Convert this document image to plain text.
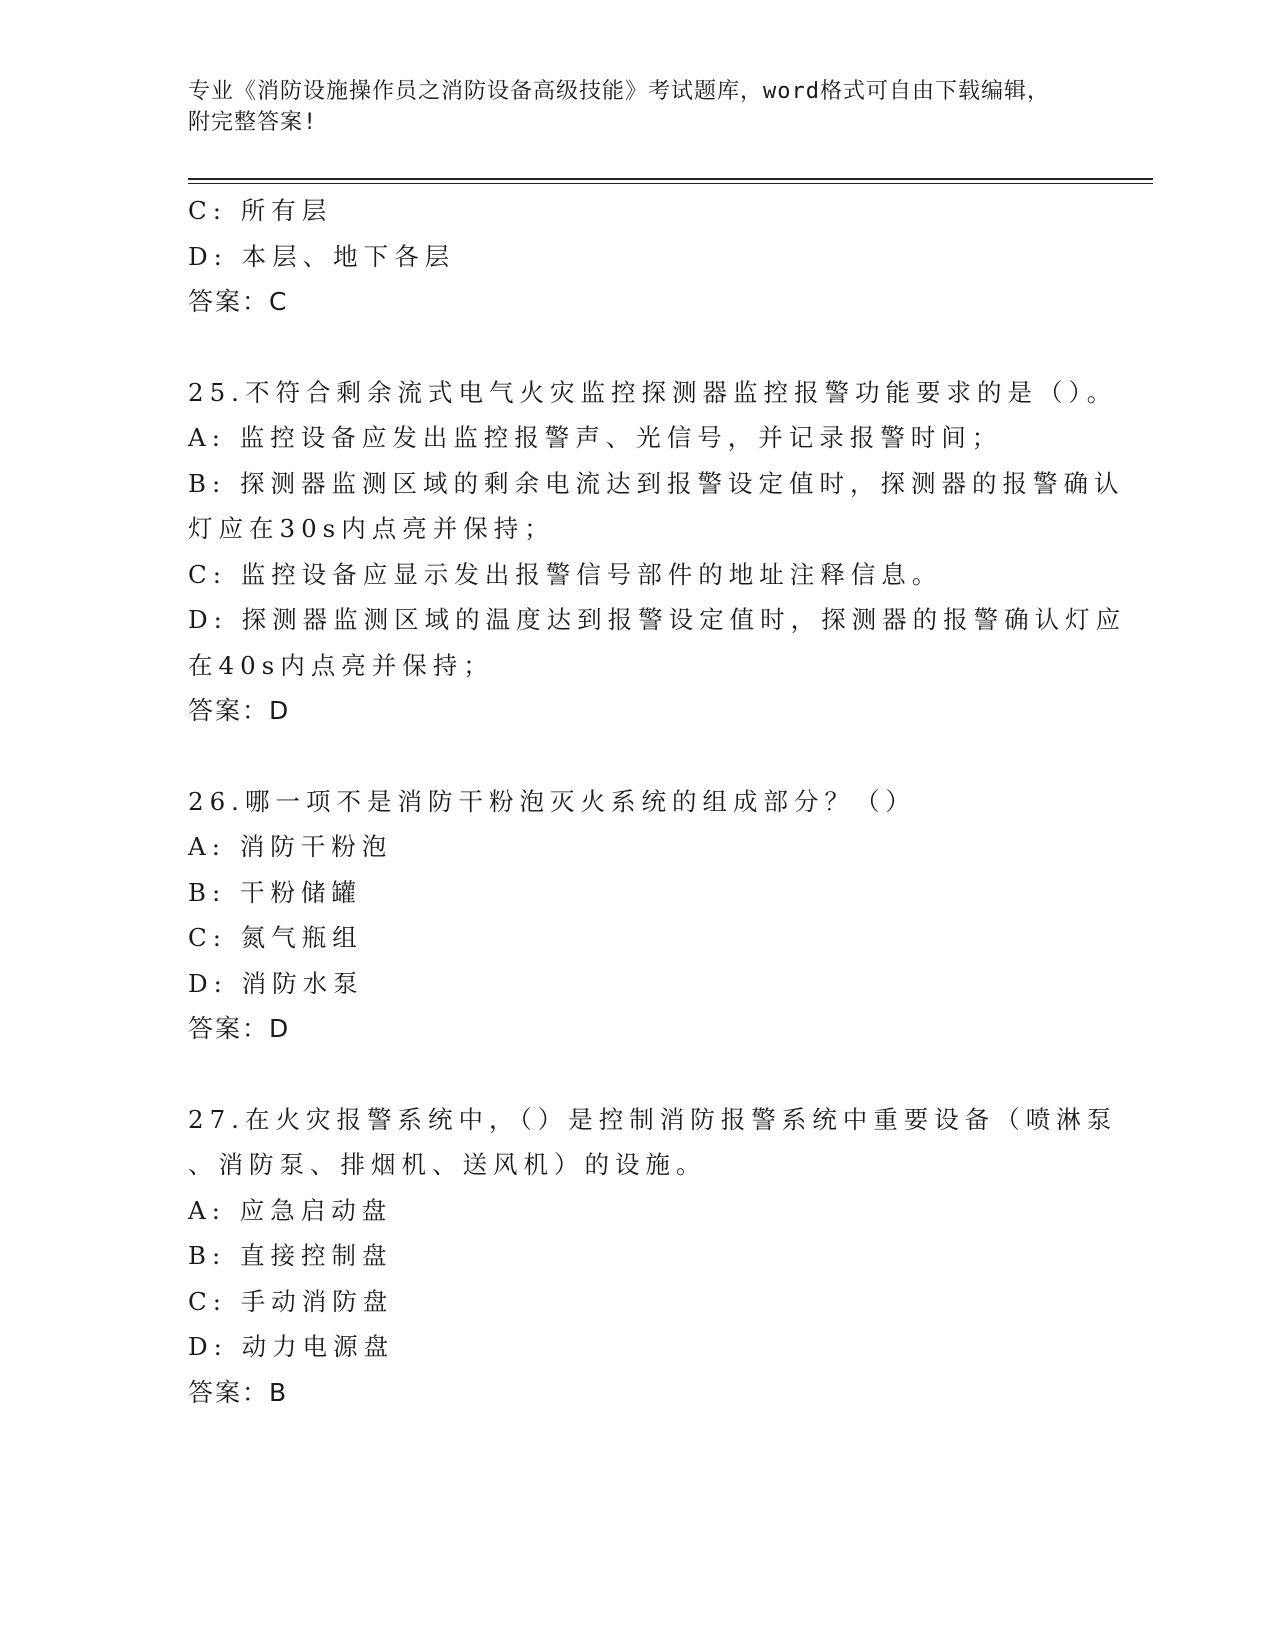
专业《消防设施操作员之消防设备高级技能》考试题库，word格式可自由下载编辑，附完整答案!
C: 所有层
D: 本层、地下各层
答案：C
25.不符合剩余流式电气火灾监控探测器监控报警功能要求的是（）。
A: 监控设备应发出监控报警声、光信号，并记录报警时间；
B: 探测器监测区域的剩余电流达到报警设定值时，探测器的报警确认
灯应在30s内点亮并保持；
C: 监控设备应显示发出报警信号部件的地址注释信息。
D: 探测器监测区域的温度达到报警设定值时，探测器的报警确认灯应
在40s内点亮并保持；
答案：D
26.哪一项不是消防干粉泡灭火系统的组成部分？（）
A: 消防干粉泡
B: 干粉储罐
C: 氮气瓶组
D: 消防水泵
答案：D
27.在火灾报警系统中，（）是控制消防报警系统中重要设备（喷淋泵
、消防泵、排烟机、送风机）的设施。
A: 应急启动盘
B: 直接控制盘
C: 手动消防盘
D: 动力电源盘
答案：B
